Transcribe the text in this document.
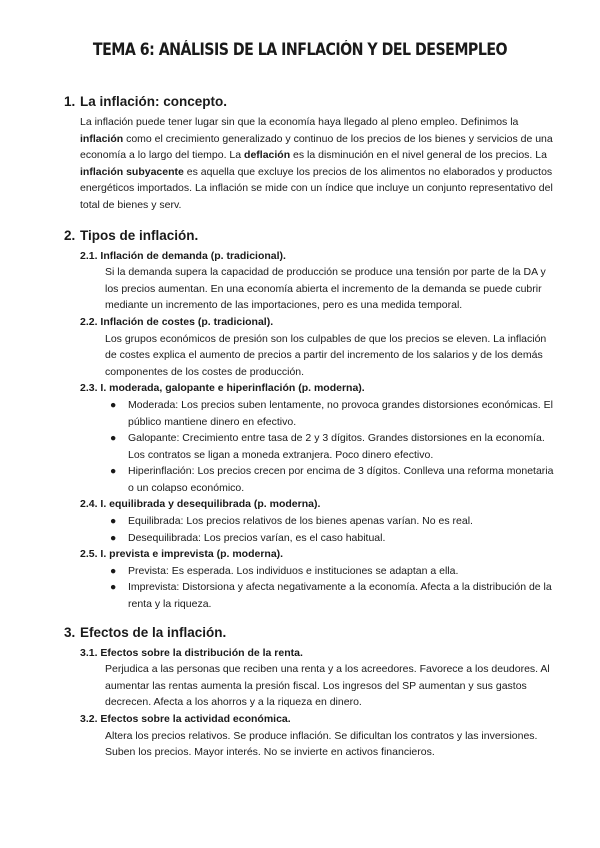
TEMA 6: ANÁLISIS DE LA INFLACIÓN Y DEL DESEMPLEO
1. La inflación: concepto.
La inflación puede tener lugar sin que la economía haya llegado al pleno empleo. Definimos la inflación como el crecimiento generalizado y continuo de los precios de los bienes y servicios de una economía a lo largo del tiempo. La deflación es la disminución en el nivel general de los precios. La inflación subyacente es aquella que excluye los precios de los alimentos no elaborados y productos energéticos importados. La inflación se mide con un índice que incluye un conjunto representativo del total de bienes y serv.
2. Tipos de inflación.
2.1. Inflación de demanda (p. tradicional).
Si la demanda supera la capacidad de producción se produce una tensión por parte de la DA y los precios aumentan. En una economía abierta el incremento de la demanda se puede cubrir mediante un incremento de las importaciones, pero es una medida temporal.
2.2. Inflación de costes (p. tradicional).
Los grupos económicos de presión son los culpables de que los precios se eleven. La inflación de costes explica el aumento de precios a partir del incremento de los salarios y de los demás componentes de los costes de producción.
2.3. I. moderada, galopante e hiperinflación (p. moderna).
● Moderada: Los precios suben lentamente, no provoca grandes distorsiones económicas. El público mantiene dinero en efectivo.
● Galopante: Crecimiento entre tasa de 2 y 3 dígitos. Grandes distorsiones en la economía. Los contratos se ligan a moneda extranjera. Poco dinero efectivo.
● Hiperinflación: Los precios crecen por encima de 3 dígitos. Conlleva una reforma monetaria o un colapso económico.
2.4. I. equilibrada y desequilibrada (p. moderna).
● Equilibrada: Los precios relativos de los bienes apenas varían. No es real.
● Desequilibrada: Los precios varían, es el caso habitual.
2.5. I. prevista e imprevista (p. moderna).
● Prevista: Es esperada. Los individuos e instituciones se adaptan a ella.
● Imprevista: Distorsiona y afecta negativamente a la economía. Afecta a la distribución de la renta y la riqueza.
3. Efectos de la inflación.
3.1. Efectos sobre la distribución de la renta.
Perjudica a las personas que reciben una renta y a los acreedores. Favorece a los deudores. Al aumentar las rentas aumenta la presión fiscal. Los ingresos del SP aumentan y sus gastos decrecen. Afecta a los ahorros y a la riqueza en dinero.
3.2. Efectos sobre la actividad económica.
Altera los precios relativos. Se produce inflación. Se dificultan los contratos y las inversiones. Suben los precios. Mayor interés. No se invierte en activos financieros.
